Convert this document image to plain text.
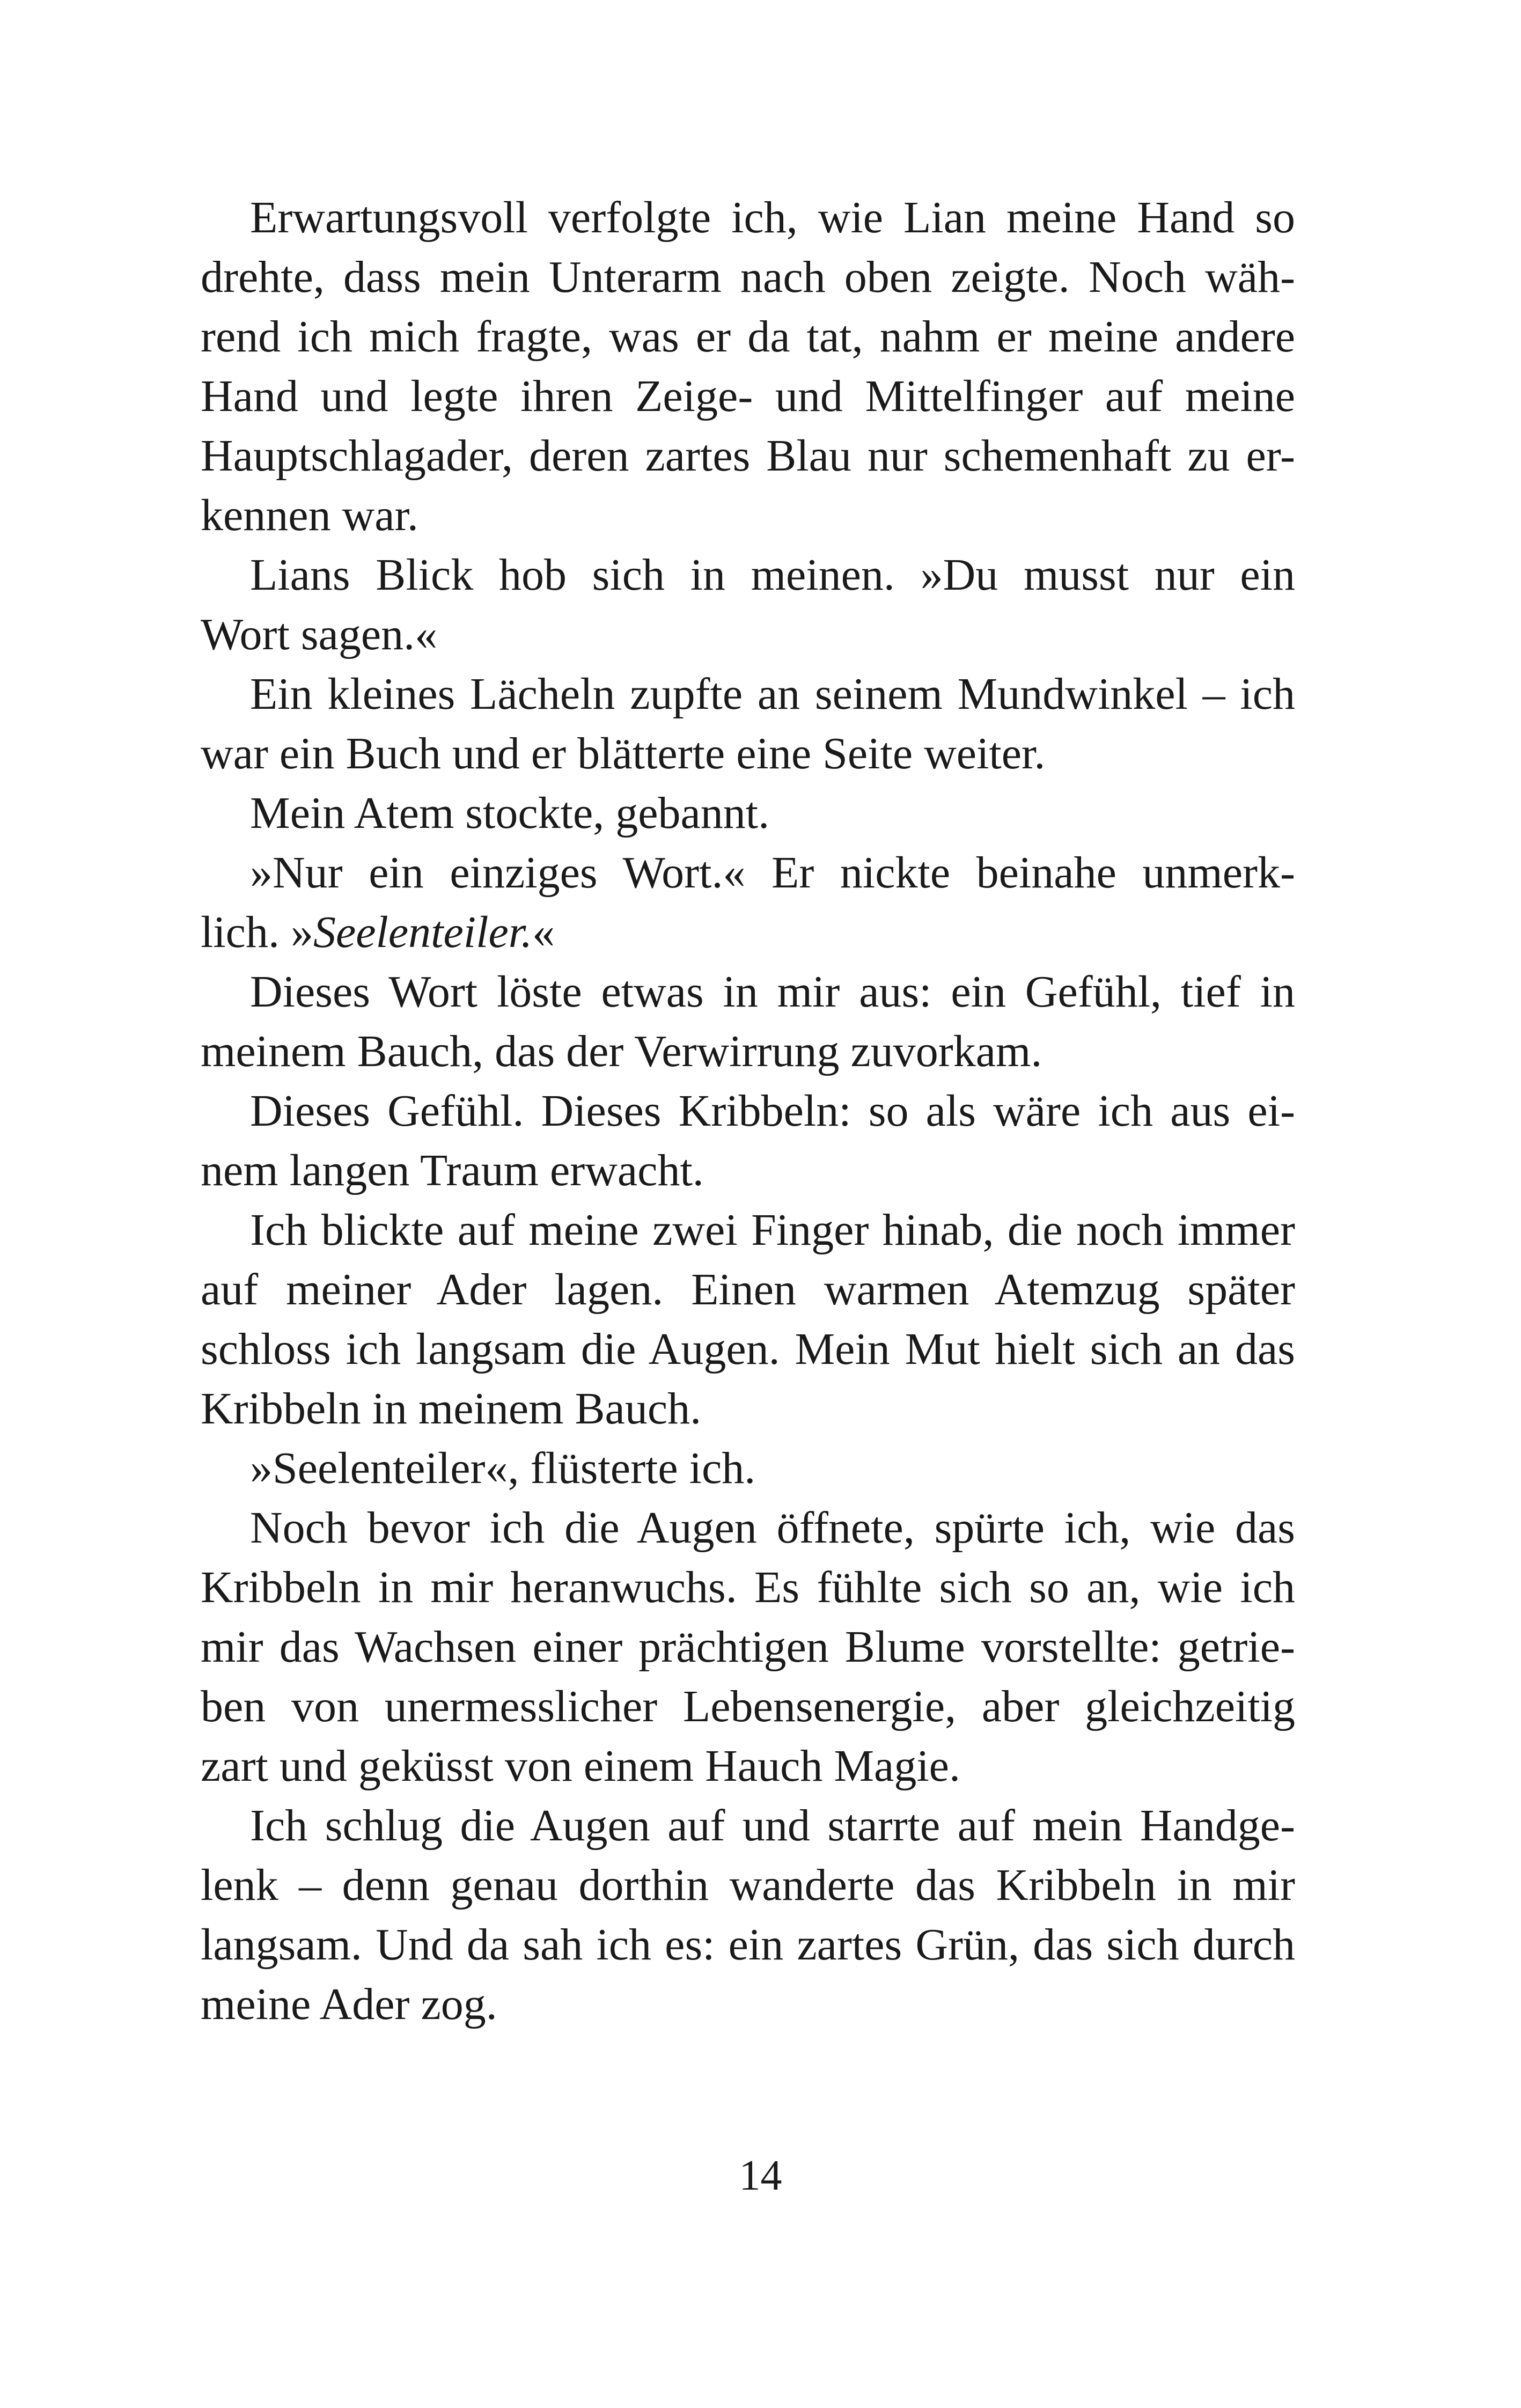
Erwartungsvoll verfolgte ich, wie Lian meine Hand so
drehte, dass mein Unterarm nach oben zeigte. Noch wäh-
rend ich mich fragte, was er da tat, nahm er meine andere
Hand und legte ihren Zeige- und Mittelfinger auf meine
Hauptschlagader, deren zartes Blau nur schemenhaft zu er-
kennen war.
Lians Blick hob sich in meinen. »Du musst nur ein
Wort sagen.«
Ein kleines Lächeln zupfte an seinem Mundwinkel – ich
war ein Buch und er blätterte eine Seite weiter.
Mein Atem stockte, gebannt.
»Nur ein einziges Wort.« Er nickte beinahe unmerk-
lich. »Seelenteiler.«
Dieses Wort löste etwas in mir aus: ein Gefühl, tief in
meinem Bauch, das der Verwirrung zuvorkam.
Dieses Gefühl. Dieses Kribbeln: so als wäre ich aus ei-
nem langen Traum erwacht.
Ich blickte auf meine zwei Finger hinab, die noch immer
auf meiner Ader lagen. Einen warmen Atemzug später
schloss ich langsam die Augen. Mein Mut hielt sich an das
Kribbeln in meinem Bauch.
»Seelenteiler«, flüsterte ich.
Noch bevor ich die Augen öffnete, spürte ich, wie das
Kribbeln in mir heranwuchs. Es fühlte sich so an, wie ich
mir das Wachsen einer prächtigen Blume vorstellte: getrie-
ben von unermesslicher Lebensenergie, aber gleichzeitig
zart und geküsst von einem Hauch Magie.
Ich schlug die Augen auf und starrte auf mein Handge-
lenk – denn genau dorthin wanderte das Kribbeln in mir
langsam. Und da sah ich es: ein zartes Grün, das sich durch
meine Ader zog.
14
